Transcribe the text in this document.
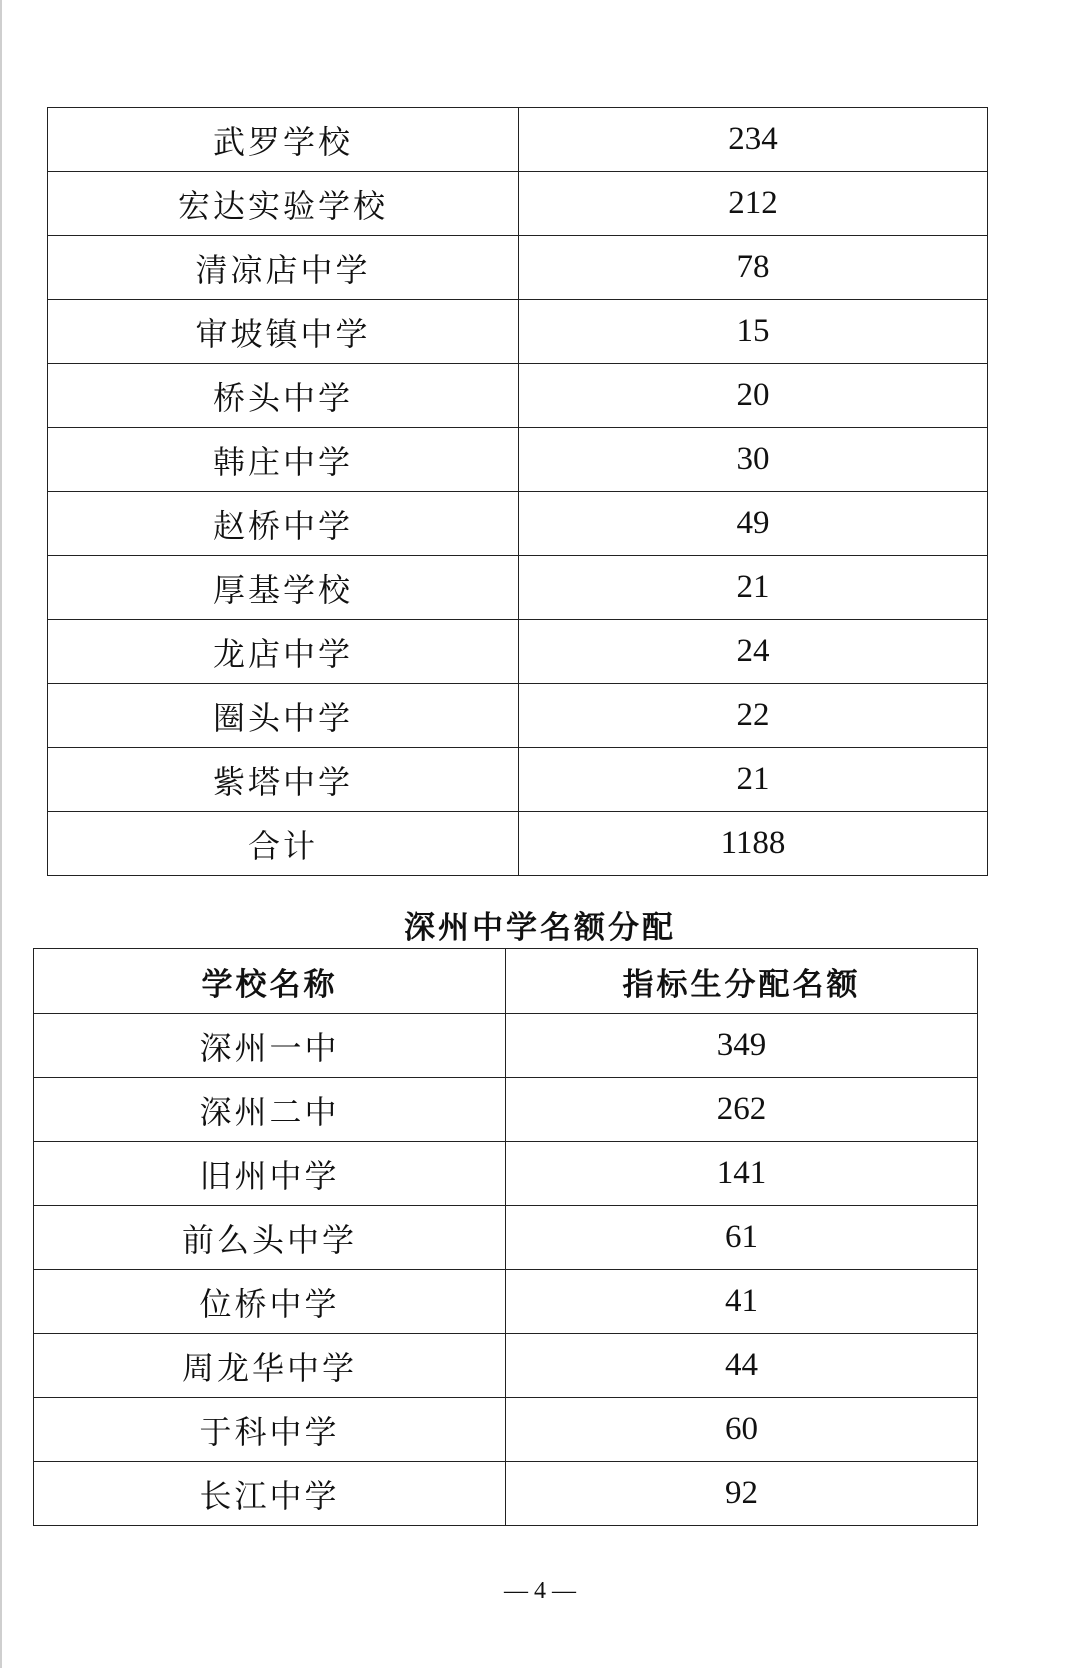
武罗学校	234
宏达实验学校	212
清凉店中学	78
审坡镇中学	15
桥头中学	20
韩庄中学	30
赵桥中学	49
厚基学校	21
龙店中学	24
圈头中学	22
紫塔中学	21
合计	1188
深州中学名额分配
学校名称	指标生分配名额
深州一中	349
深州二中	262
旧州中学	141
前么头中学	61
位桥中学	41
周龙华中学	44
于科中学	60
长江中学	92
— 4 —
